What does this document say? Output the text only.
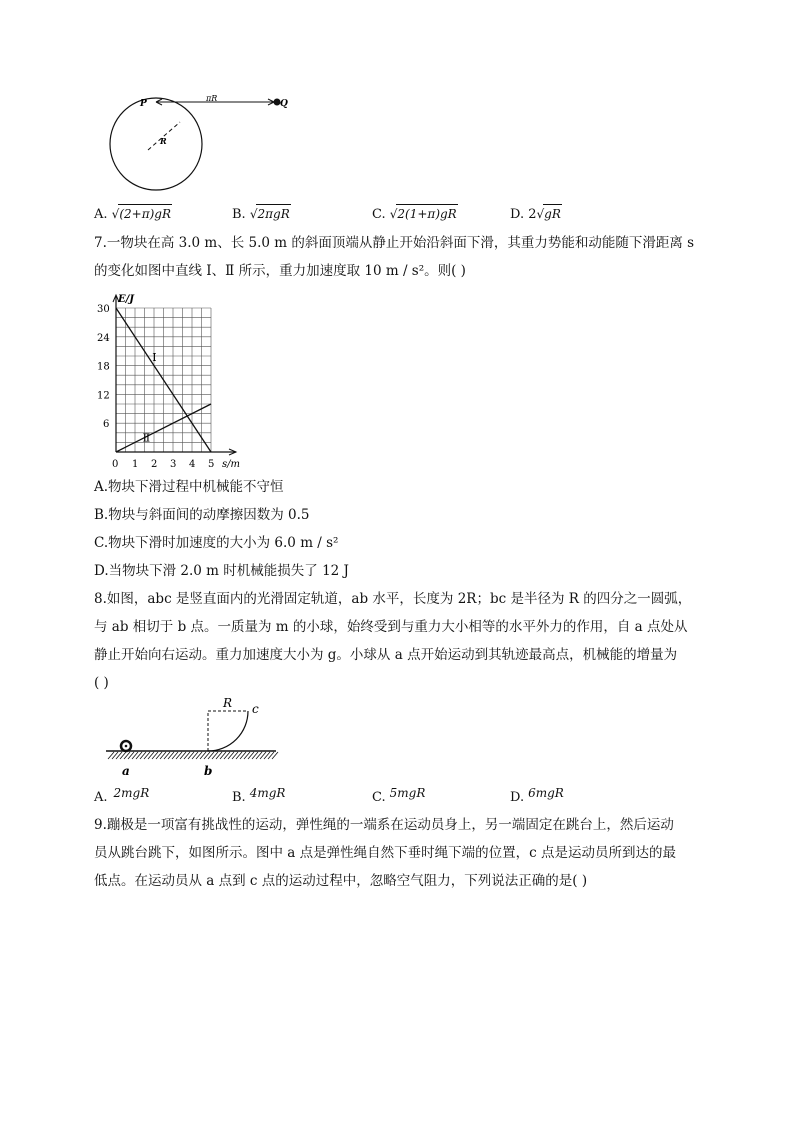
P
πR
Q
R
A. √(2+π)gR	B. √2πgR	C. √2(1+π)gR	D. 2√gR
7.一物块在高 3.0 m、长 5.0 m 的斜面顶端从静止开始沿斜面下滑，其重力势能和动能随下滑距离 s
的变化如图中直线 Ⅰ、Ⅱ 所示，重力加速度取 10 m / s²。则( )
E/J
s/m
Ⅰ
Ⅱ
0 1 2 3 4 5
6
12
18
24
30
A.物块下滑过程中机械能不守恒
B.物块与斜面间的动摩擦因数为 0.5
C.物块下滑时加速度的大小为 6.0 m / s²
D.当物块下滑 2.0 m 时机械能损失了 12 J
8.如图，abc 是竖直面内的光滑固定轨道，ab 水平，长度为 2R；bc 是半径为 R 的四分之一圆弧，
与 ab 相切于 b 点。一质量为 m 的小球，始终受到与重力大小相等的水平外力的作用，自 a 点处从
静止开始向右运动。重力加速度大小为 g。小球从 a 点开始运动到其轨迹最高点，机械能的增量为
( )
R c
a	b
A. 2mgR	B. 4mgR	C. 5mgR	D. 6mgR
9.蹦极是一项富有挑战性的运动，弹性绳的一端系在运动员身上，另一端固定在跳台上，然后运动
员从跳台跳下，如图所示。图中 a 点是弹性绳自然下垂时绳下端的位置，c 点是运动员所到达的最
低点。在运动员从 a 点到 c 点的运动过程中，忽略空气阻力，下列说法正确的是( )
